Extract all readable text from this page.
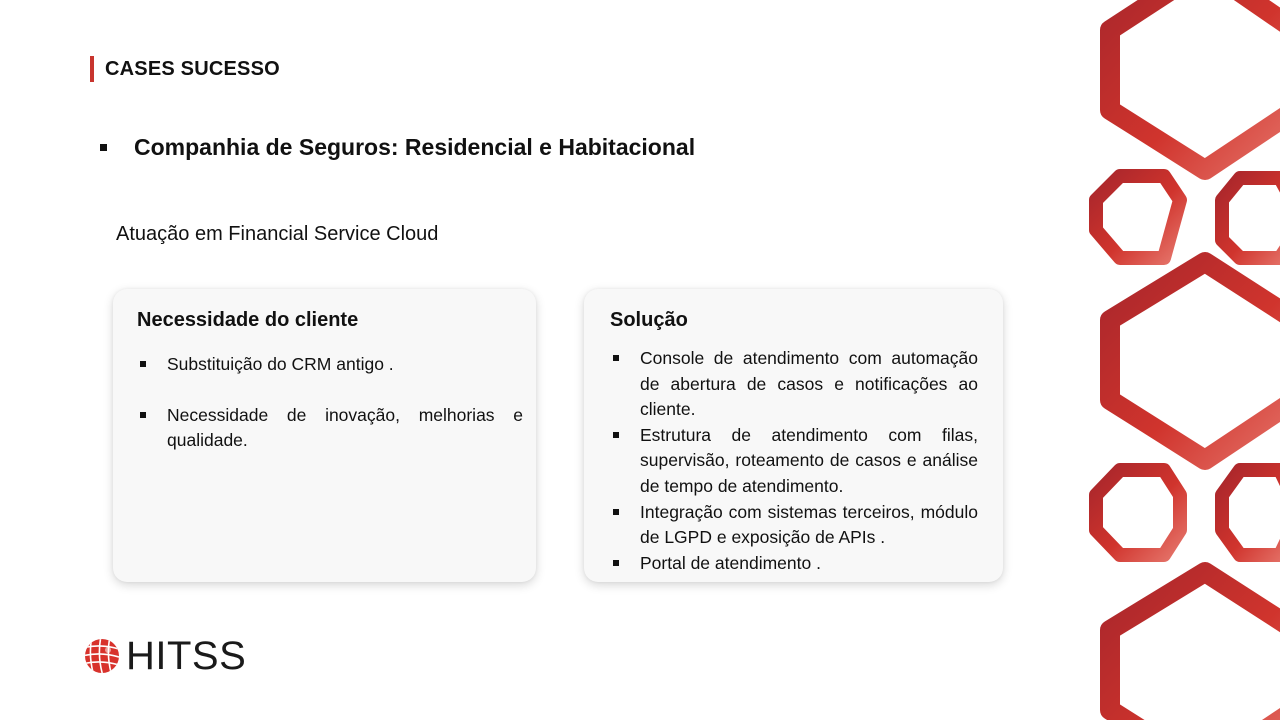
CASES SUCESSO
Companhia de Seguros: Residencial e Habitacional
Atuação em Financial Service Cloud
Necessidade do cliente
Substituição do CRM antigo .
Necessidade de inovação, melhorias e qualidade.
Solução
Console de atendimento com automação de abertura de casos e notificações ao cliente.
Estrutura de atendimento com filas, supervisão, roteamento de casos e análise de tempo de atendimento.
Integração com sistemas terceiros, módulo de LGPD e exposição de APIs .
Portal de atendimento .
HITSS
